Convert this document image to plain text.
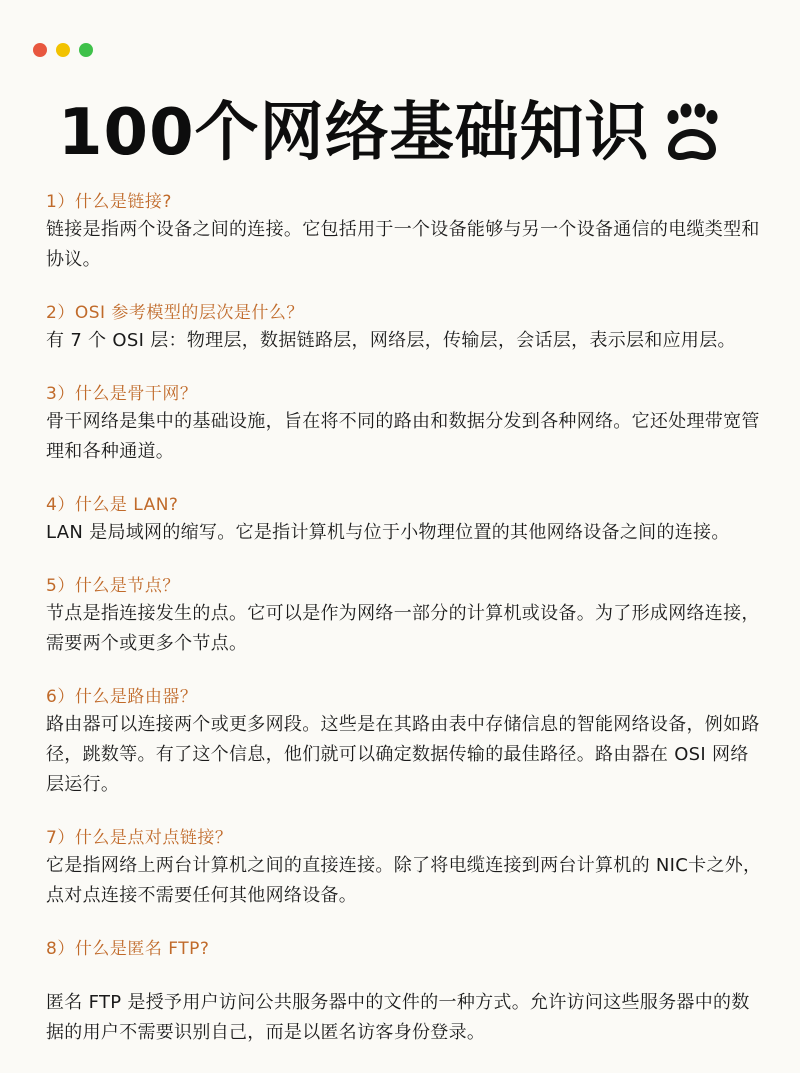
100个网络基础知识
1）什么是链接?
链接是指两个设备之间的连接。它包括用于一个设备能够与另一个设备通信的电缆类型和协议。
2）OSI 参考模型的层次是什么？
有 7 个 OSI 层：物理层，数据链路层，网络层，传输层，会话层，表示层和应用层。
3）什么是骨干网？
骨干网络是集中的基础设施，旨在将不同的路由和数据分发到各种网络。它还处理带宽管理和各种通道。
4）什么是 LAN?
LAN 是局域网的缩写。它是指计算机与位于小物理位置的其他网络设备之间的连接。
5）什么是节点？
节点是指连接发生的点。它可以是作为网络一部分的计算机或设备。为了形成网络连接，需要两个或更多个节点。
6）什么是路由器？
路由器可以连接两个或更多网段。这些是在其路由表中存储信息的智能网络设备，例如路径，跳数等。有了这个信息，他们就可以确定数据传输的最佳路径。路由器在 OSI 网络层运行。
7）什么是点对点链接？
它是指网络上两台计算机之间的直接连接。除了将电缆连接到两台计算机的 NIC卡之外，点对点连接不需要任何其他网络设备。
8）什么是匿名 FTP?
匿名 FTP 是授予用户访问公共服务器中的文件的一种方式。允许访问这些服务器中的数据的用户不需要识别自己，而是以匿名访客身份登录。
